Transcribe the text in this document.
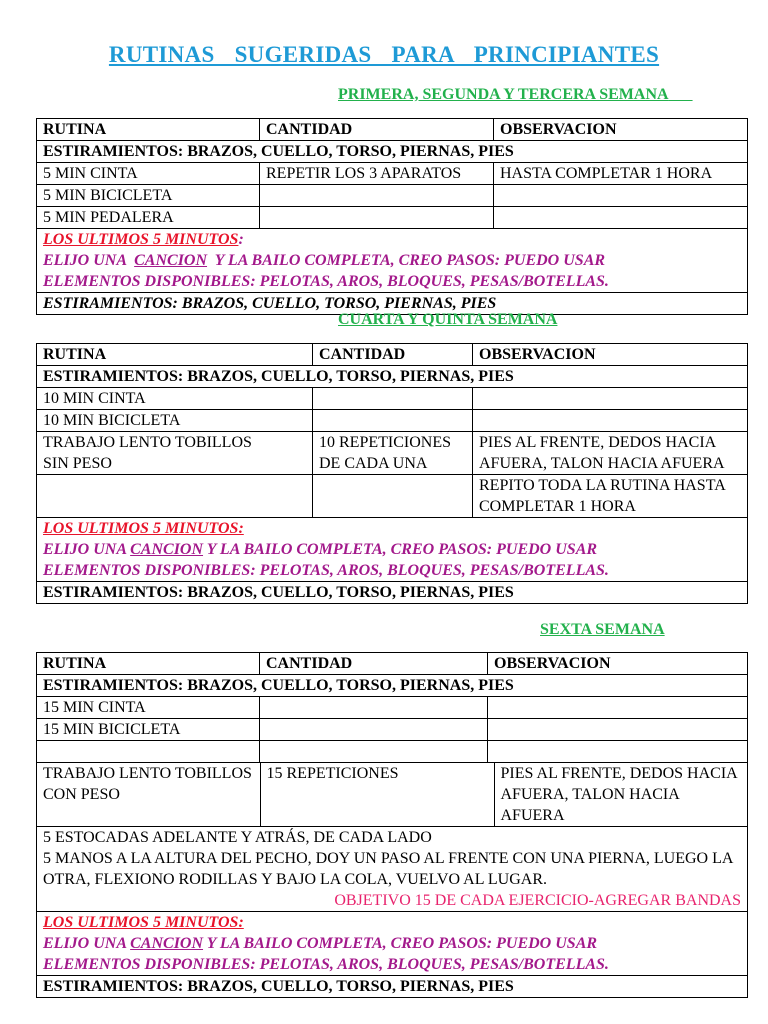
RUTINAS SUGERIDAS PARA PRINCIPIANTES
PRIMERA, SEGUNDA Y TERCERA SEMANA
RUTINA	CANTIDAD	OBSERVACION
ESTIRAMIENTOS: BRAZOS, CUELLO, TORSO, PIERNAS, PIES		
5 MIN CINTA	REPETIR LOS 3 APARATOS	HASTA COMPLETAR 1 HORA
5 MIN BICICLETA		
5 MIN PEDALERA		
LOS ULTIMOS 5 MINUTOS:
ELIJO UNA  CANCION  Y LA BAILO COMPLETA, CREO PASOS: PUEDO USAR
ELEMENTOS DISPONIBLES: PELOTAS, AROS, BLOQUES, PESAS/BOTELLAS.		
ESTIRAMIENTOS: BRAZOS, CUELLO, TORSO, PIERNAS, PIES		
CUARTA Y QUINTA SEMANA
RUTINA	CANTIDAD	OBSERVACION
ESTIRAMIENTOS: BRAZOS, CUELLO, TORSO, PIERNAS, PIES		
10 MIN CINTA		
10 MIN BICICLETA		
TRABAJO LENTO TOBILLOS SIN PESO	10 REPETICIONES DE CADA UNA	PIES AL FRENTE, DEDOS HACIA AFUERA, TALON HACIA AFUERA
		REPITO TODA LA RUTINA HASTA COMPLETAR 1 HORA
LOS ULTIMOS 5 MINUTOS:
ELIJO UNA CANCION Y LA BAILO COMPLETA, CREO PASOS: PUEDO USAR
ELEMENTOS DISPONIBLES: PELOTAS, AROS, BLOQUES, PESAS/BOTELLAS.		
ESTIRAMIENTOS: BRAZOS, CUELLO, TORSO, PIERNAS, PIES		
SEXTA SEMANA
RUTINA	CANTIDAD	OBSERVACION
ESTIRAMIENTOS: BRAZOS, CUELLO, TORSO, PIERNAS, PIES
15 MIN CINTA		
15 MIN BICICLETA		

TRABAJO LENTO TOBILLOS CON PESO	15 REPETICIONES	PIES AL FRENTE, DEDOS HACIA AFUERA, TALON HACIA AFUERA

5 ESTOCADAS ADELANTE Y ATRÁS, DE CADA LADO
5 MANOS A LA ALTURA DEL PECHO, DOY UN PASO AL FRENTE CON UNA PIERNA, LUEGO LA OTRA, FLEXIONO RODILLAS Y BAJO LA COLA, VUELVO AL LUGAR.
OBJETIVO 15 DE CADA EJERCICIO-AGREGAR BANDAS

LOS ULTIMOS 5 MINUTOS:
ELIJO UNA CANCION Y LA BAILO COMPLETA, CREO PASOS: PUEDO USAR
ELEMENTOS DISPONIBLES: PELOTAS, AROS, BLOQUES, PESAS/BOTELLAS.
ESTIRAMIENTOS: BRAZOS, CUELLO, TORSO, PIERNAS, PIES
